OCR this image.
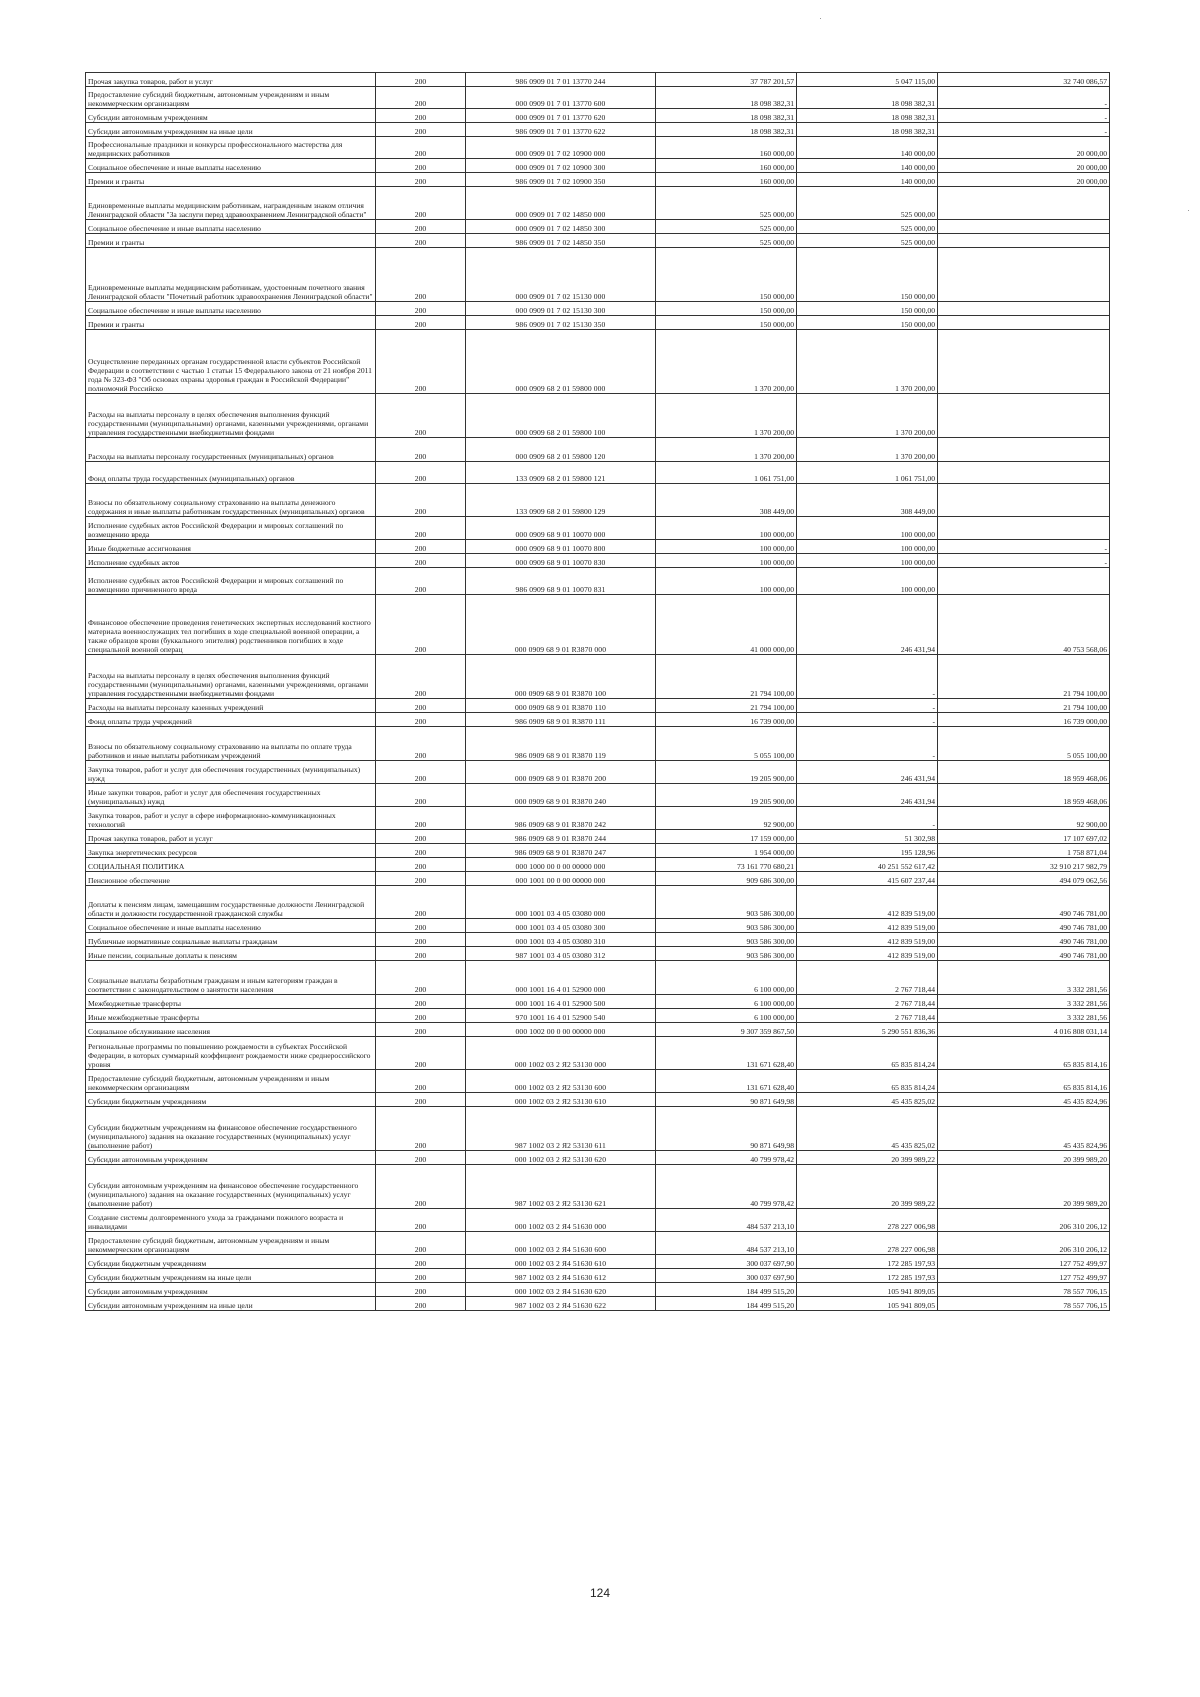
Прочая закупка товаров, работ и услуг	200	986 0909 01 7 01 13770 244	37 787 201,57	5 047 115,00	32 740 086,57
Предоставление субсидий бюджетным, автономным учреждениям и иным некоммерческим организациям	200	000 0909 01 7 01 13770 600	18 098 382,31	18 098 382,31	-
Субсидии автономным учреждениям	200	000 0909 01 7 01 13770 620	18 098 382,31	18 098 382,31	-
Субсидии автономным учреждениям на иные цели	200	986 0909 01 7 01 13770 622	18 098 382,31	18 098 382,31	-
Профессиональные праздники и конкурсы профессионального мастерства для медицинских работников	200	000 0909 01 7 02 10900 000	160 000,00	140 000,00	20 000,00
Социальное обеспечение и иные выплаты населению	200	000 0909 01 7 02 10900 300	160 000,00	140 000,00	20 000,00
Премии и гранты	200	986 0909 01 7 02 10900 350	160 000,00	140 000,00	20 000,00
Единовременные выплаты медицинским работникам, награжденным знаком отличия Ленинградской области "За заслуги перед здравоохранением Ленинградской области"	200	000 0909 01 7 02 14850 000	525 000,00	525 000,00	
Социальное обеспечение и иные выплаты населению	200	000 0909 01 7 02 14850 300	525 000,00	525 000,00	
Премии и гранты	200	986 0909 01 7 02 14850 350	525 000,00	525 000,00	
Единовременные выплаты медицинским работникам, удостоенным почетного звания Ленинградской области "Почетный работник здравоохранения Ленинградской области"	200	000 0909 01 7 02 15130 000	150 000,00	150 000,00	
Социальное обеспечение и иные выплаты населению	200	000 0909 01 7 02 15130 300	150 000,00	150 000,00	
Премии и гранты	200	986 0909 01 7 02 15130 350	150 000,00	150 000,00	
Осуществление переданных органам государственной власти субъектов Российской Федерации в соответствии с частью 1 статьи 15 Федерального закона от 21 ноября 2011 года № 323-ФЗ "Об основах охраны здоровья граждан в Российской Федерации" полномочий Российско	200	000 0909 68 2 01 59800 000	1 370 200,00	1 370 200,00	
Расходы на выплаты персоналу в целях обеспечения выполнения функций государственными (муниципальными) органами, казенными учреждениями, органами управления государственными внебюджетными фондами	200	000 0909 68 2 01 59800 100	1 370 200,00	1 370 200,00	
Расходы на выплаты персоналу государственных (муниципальных) органов	200	000 0909 68 2 01 59800 120	1 370 200,00	1 370 200,00	
Фонд оплаты труда государственных (муниципальных) органов	200	133 0909 68 2 01 59800 121	1 061 751,00	1 061 751,00	
Взносы по обязательному социальному страхованию на выплаты денежного содержания и иные выплаты работникам государственных (муниципальных) органов	200	133 0909 68 2 01 59800 129	308 449,00	308 449,00	
Исполнение судебных актов Российской Федерации и мировых соглашений по возмещению вреда	200	000 0909 68 9 01 10070 000	100 000,00	100 000,00	
Иные бюджетные ассигнования	200	000 0909 68 9 01 10070 800	100 000,00	100 000,00	-
Исполнение судебных актов	200	000 0909 68 9 01 10070 830	100 000,00	100 000,00	-
Исполнение судебных актов Российской Федерации и мировых соглашений по возмещению причиненного вреда	200	986 0909 68 9 01 10070 831	100 000,00	100 000,00	
Финансовое обеспечение проведения генетических экспертных исследований костного материала военнослужащих тел погибших в ходе специальной военной операции, а также образцов крови (буккального эпителия) родственников погибших в ходе специальной военной операц	200	000 0909 68 9 01 R3870 000	41 000 000,00	246 431,94	40 753 568,06
Расходы на выплаты персоналу в целях обеспечения выполнения функций государственными (муниципальными) органами, казенными учреждениями, органами управления государственными внебюджетными фондами	200	000 0909 68 9 01 R3870 100	21 794 100,00	-	21 794 100,00
Расходы на выплаты персоналу казенных учреждений	200	000 0909 68 9 01 R3870 110	21 794 100,00	-	21 794 100,00
Фонд оплаты труда учреждений	200	986 0909 68 9 01 R3870 111	16 739 000,00	-	16 739 000,00
Взносы по обязательному социальному страхованию на выплаты по оплате труда работников и иные выплаты работникам учреждений	200	986 0909 68 9 01 R3870 119	5 055 100,00	-	5 055 100,00
Закупка товаров, работ и услуг для обеспечения государственных (муниципальных) нужд	200	000 0909 68 9 01 R3870 200	19 205 900,00	246 431,94	18 959 468,06
Иные закупки товаров, работ и услуг для обеспечения государственных (муниципальных) нужд	200	000 0909 68 9 01 R3870 240	19 205 900,00	246 431,94	18 959 468,06
Закупка товаров, работ и услуг в сфере информационно-коммуникационных технологий	200	986 0909 68 9 01 R3870 242	92 900,00	-	92 900,00
Прочая закупка товаров, работ и услуг	200	986 0909 68 9 01 R3870 244	17 159 000,00	51 302,98	17 107 697,02
Закупка энергетических ресурсов	200	986 0909 68 9 01 R3870 247	1 954 000,00	195 128,96	1 758 871,04
СОЦИАЛЬНАЯ ПОЛИТИКА	200	000 1000 00 0 00 00000 000	73 161 770 680,21	40 251 552 617,42	32 910 217 982,79
Пенсионное обеспечение	200	000 1001 00 0 00 00000 000	909 686 300,00	415 607 237,44	494 079 062,56
Доплаты к пенсиям лицам, замещавшим государственные должности Ленинградской области и должности государственной гражданской службы	200	000 1001 03 4 05 03080 000	903 586 300,00	412 839 519,00	490 746 781,00
Социальное обеспечение и иные выплаты населению	200	000 1001 03 4 05 03080 300	903 586 300,00	412 839 519,00	490 746 781,00
Публичные нормативные социальные выплаты гражданам	200	000 1001 03 4 05 03080 310	903 586 300,00	412 839 519,00	490 746 781,00
Иные пенсии, социальные доплаты к пенсиям	200	987 1001 03 4 05 03080 312	903 586 300,00	412 839 519,00	490 746 781,00
Социальные выплаты безработным гражданам и иным категориям граждан в соответствии с законодательством о занятости населения	200	000 1001 16 4 01 52900 000	6 100 000,00	2 767 718,44	3 332 281,56
Межбюджетные трансферты	200	000 1001 16 4 01 52900 500	6 100 000,00	2 767 718,44	3 332 281,56
Иные межбюджетные трансферты	200	970 1001 16 4 01 52900 540	6 100 000,00	2 767 718,44	3 332 281,56
Социальное обслуживание населения	200	000 1002 00 0 00 00000 000	9 307 359 867,50	5 290 551 836,36	4 016 808 031,14
Региональные программы по повышению рождаемости в субъектах Российской Федерации, в которых суммарный коэффициент рождаемости ниже среднероссийского уровня	200	000 1002 03 2 Я2 53130 000	131 671 628,40	65 835 814,24	65 835 814,16
Предоставление субсидий бюджетным, автономным учреждениям и иным некоммерческим организациям	200	000 1002 03 2 Я2 53130 600	131 671 628,40	65 835 814,24	65 835 814,16
Субсидии бюджетным учреждениям	200	000 1002 03 2 Я2 53130 610	90 871 649,98	45 435 825,02	45 435 824,96
Субсидии бюджетным учреждениям на финансовое обеспечение государственного (муниципального) задания на оказание государственных (муниципальных) услуг (выполнение работ)	200	987 1002 03 2 Я2 53130 611	90 871 649,98	45 435 825,02	45 435 824,96
Субсидии автономным учреждениям	200	000 1002 03 2 Я2 53130 620	40 799 978,42	20 399 989,22	20 399 989,20
Субсидии автономным учреждениям на финансовое обеспечение государственного (муниципального) задания на оказание государственных (муниципальных) услуг (выполнение работ)	200	987 1002 03 2 Я2 53130 621	40 799 978,42	20 399 989,22	20 399 989,20
Создание системы долговременного ухода за гражданами пожилого возраста и инвалидами	200	000 1002 03 2 Я4 51630 000	484 537 213,10	278 227 006,98	206 310 206,12
Предоставление субсидий бюджетным, автономным учреждениям и иным некоммерческим организациям	200	000 1002 03 2 Я4 51630 600	484 537 213,10	278 227 006,98	206 310 206,12
Субсидии бюджетным учреждениям	200	000 1002 03 2 Я4 51630 610	300 037 697,90	172 285 197,93	127 752 499,97
Субсидии бюджетным учреждениям на иные цели	200	987 1002 03 2 Я4 51630 612	300 037 697,90	172 285 197,93	127 752 499,97
Субсидии автономным учреждениям	200	000 1002 03 2 Я4 51630 620	184 499 515,20	105 941 809,05	78 557 706,15
Субсидии автономным учреждениям на иные цели	200	987 1002 03 2 Я4 51630 622	184 499 515,20	105 941 809,05	78 557 706,15
124
